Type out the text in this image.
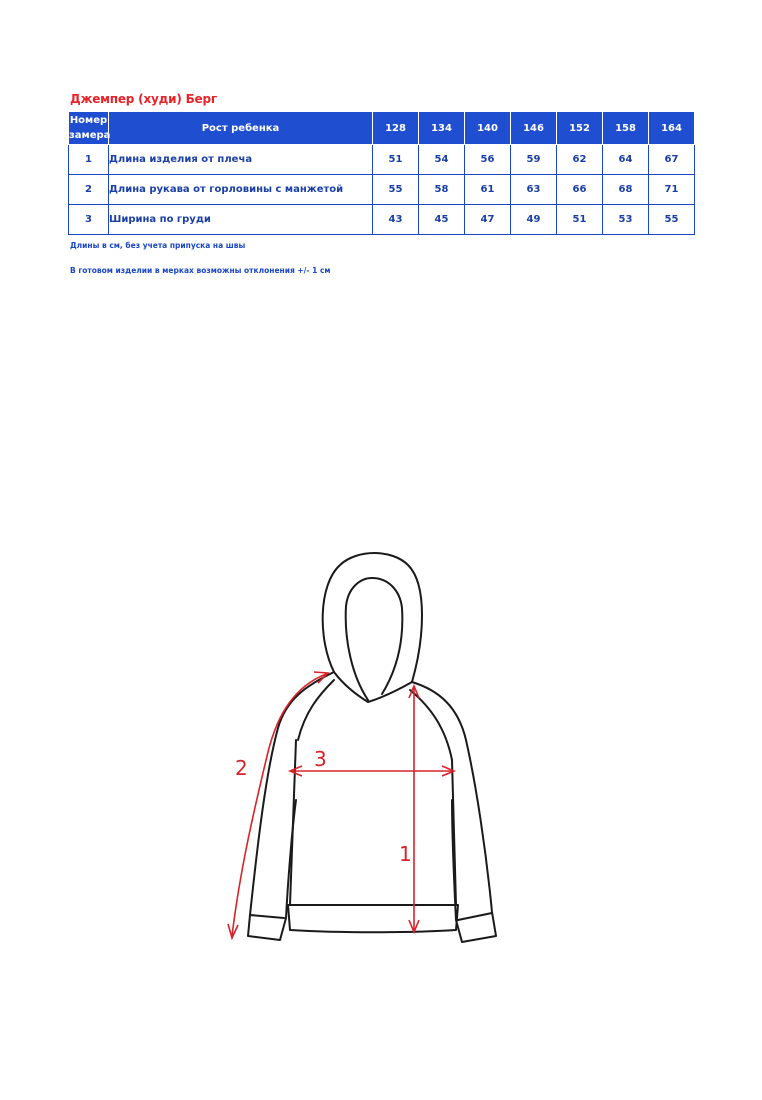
Джемпер (худи) Берг
Номер
замера	Рост ребенка	128	134	140	146	152	158	164
1	Длина изделия от плеча	51	54	56	59	62	64	67
2	Длина рукава от горловины с манжетой	55	58	61	63	66	68	71
3	Ширина по груди	43	45	47	49	51	53	55
Длины в см, без учета припуска на швы
В готовом изделии в мерках возможны отклонения +/- 1 см
1
2	3
